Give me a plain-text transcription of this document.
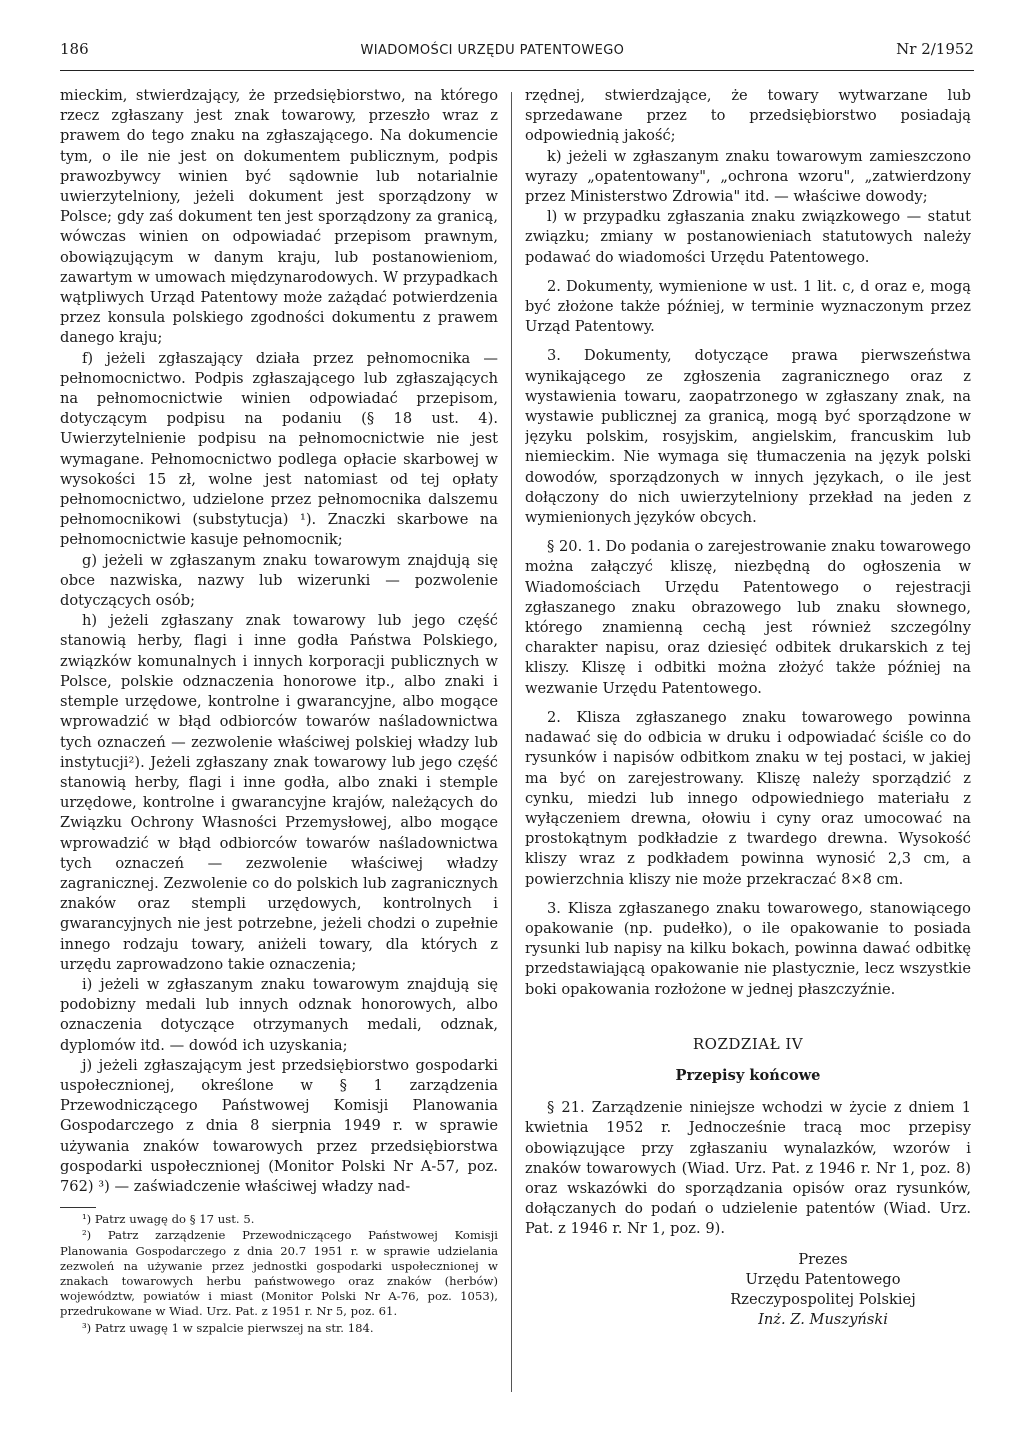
186	WIADOMOŚCI URZĘDU PATENTOWEGO	Nr 2/1952

mieckim, stwierdzający, że przedsiębiorstwo, na którego rzecz zgłaszany jest znak towarowy, przeszło wraz z prawem do tego znaku na zgłaszającego. Na dokumencie tym, o ile nie jest on dokumentem publicznym, podpis prawozbywcy winien być sądownie lub notarialnie uwierzytelniony, jeżeli dokument jest sporządzony w Polsce; gdy zaś dokument ten jest sporządzony za granicą, wówczas winien on odpowiadać przepisom prawnym, obowiązującym w danym kraju, lub postanowieniom, zawartym w umowach międzynarodowych. W przypadkach wątpliwych Urząd Patentowy może zażądać potwierdzenia przez konsula polskiego zgodności dokumentu z prawem danego kraju;

f) jeżeli zgłaszający działa przez pełnomocnika — pełnomocnictwo. Podpis zgłaszającego lub zgłaszających na pełnomocnictwie winien odpowiadać przepisom, dotyczącym podpisu na podaniu (§ 18 ust. 4). Uwierzytelnienie podpisu na pełnomocnictwie nie jest wymagane. Pełnomocnictwo podlega opłacie skarbowej w wysokości 15 zł, wolne jest natomiast od tej opłaty pełnomocnictwo, udzielone przez pełnomocnika dalszemu pełnomocnikowi (substytucja) ¹). Znaczki skarbowe na pełnomocnictwie kasuje pełnomocnik;

g) jeżeli w zgłaszanym znaku towarowym znajdują się obce nazwiska, nazwy lub wizerunki — pozwolenie dotyczących osób;

h) jeżeli zgłaszany znak towarowy lub jego część stanowią herby, flagi i inne godła Państwa Polskiego, związków komunalnych i innych korporacji publicznych w Polsce, polskie odznaczenia honorowe itp., albo znaki i stemple urzędowe, kontrolne i gwarancyjne, albo mogące wprowadzić w błąd odbiorców towarów naśladownictwa tych oznaczeń — zezwolenie właściwej polskiej władzy lub instytucji²). Jeżeli zgłaszany znak towarowy lub jego część stanowią herby, flagi i inne godła, albo znaki i stemple urzędowe, kontrolne i gwarancyjne krajów, należących do Związku Ochrony Własności Przemysłowej, albo mogące wprowadzić w błąd odbiorców towarów naśladownictwa tych oznaczeń — zezwolenie właściwej władzy zagranicznej. Zezwolenie co do polskich lub zagranicznych znaków oraz stempli urzędowych, kontrolnych i gwarancyjnych nie jest potrzebne, jeżeli chodzi o zupełnie innego rodzaju towary, aniżeli towary, dla których z urzędu zaprowadzono takie oznaczenia;

i) jeżeli w zgłaszanym znaku towarowym znajdują się podobizny medali lub innych odznak honorowych, albo oznaczenia dotyczące otrzymanych medali, odznak, dyplomów itd. — dowód ich uzyskania;

j) jeżeli zgłaszającym jest przedsiębiorstwo gospodarki uspołecznionej, określone w § 1 zarządzenia Przewodniczącego Państwowej Komisji Planowania Gospodarczego z dnia 8 sierpnia 1949 r. w sprawie używania znaków towarowych przez przedsiębiorstwa gospodarki uspołecznionej (Monitor Polski Nr A-57, poz. 762) ³) — zaświadczenie właściwej władzy nad-

¹) Patrz uwagę do § 17 ust. 5.

²) Patrz zarządzenie Przewodniczącego Państwowej Komisji Planowania Gospodarczego z dnia 20.7 1951 r. w sprawie udzielania zezwoleń na używanie przez jednostki gospodarki uspołecznionej w znakach towarowych herbu państwowego oraz znaków (herbów) województw, powiatów i miast (Monitor Polski Nr A-76, poz. 1053), przedrukowane w Wiad. Urz. Pat. z 1951 r. Nr 5, poz. 61.

³) Patrz uwagę 1 w szpalcie pierwszej na str. 184.

rzędnej, stwierdzające, że towary wytwarzane lub sprzedawane przez to przedsiębiorstwo posiadają odpowiednią jakość;

k) jeżeli w zgłaszanym znaku towarowym zamieszczono wyrazy „opatentowany", „ochrona wzoru", „zatwierdzony przez Ministerstwo Zdrowia" itd. — właściwe dowody;

l) w przypadku zgłaszania znaku związkowego — statut związku; zmiany w postanowieniach statutowych należy podawać do wiadomości Urzędu Patentowego.

2. Dokumenty, wymienione w ust. 1 lit. c, d oraz e, mogą być złożone także później, w terminie wyznaczonym przez Urząd Patentowy.

3. Dokumenty, dotyczące prawa pierwszeństwa wynikającego ze zgłoszenia zagranicznego oraz z wystawienia towaru, zaopatrzonego w zgłaszany znak, na wystawie publicznej za granicą, mogą być sporządzone w języku polskim, rosyjskim, angielskim, francuskim lub niemieckim. Nie wymaga się tłumaczenia na język polski dowodów, sporządzonych w innych językach, o ile jest dołączony do nich uwierzytelniony przekład na jeden z wymienionych języków obcych.

§ 20. 1. Do podania o zarejestrowanie znaku towarowego można załączyć kliszę, niezbędną do ogłoszenia w Wiadomościach Urzędu Patentowego o rejestracji zgłaszanego znaku obrazowego lub znaku słownego, którego znamienną cechą jest również szczególny charakter napisu, oraz dziesięć odbitek drukarskich z tej kliszy. Kliszę i odbitki można złożyć także później na wezwanie Urzędu Patentowego.

2. Klisza zgłaszanego znaku towarowego powinna nadawać się do odbicia w druku i odpowiadać ściśle co do rysunków i napisów odbitkom znaku w tej postaci, w jakiej ma być on zarejestrowany. Kliszę należy sporządzić z cynku, miedzi lub innego odpowiedniego materiału z wyłączeniem drewna, ołowiu i cyny oraz umocować na prostokątnym podkładzie z twardego drewna. Wysokość kliszy wraz z podkładem powinna wynosić 2,3 cm, a powierzchnia kliszy nie może przekraczać 8×8 cm.

3. Klisza zgłaszanego znaku towarowego, stanowiącego opakowanie (np. pudełko), o ile opakowanie to posiada rysunki lub napisy na kilku bokach, powinna dawać odbitkę przedstawiającą opakowanie nie plastycznie, lecz wszystkie boki opakowania rozłożone w jednej płaszczyźnie.

ROZDZIAŁ IV
Przepisy końcowe

§ 21. Zarządzenie niniejsze wchodzi w życie z dniem 1 kwietnia 1952 r. Jednocześnie tracą moc przepisy obowiązujące przy zgłaszaniu wynalazków, wzorów i znaków towarowych (Wiad. Urz. Pat. z 1946 r. Nr 1, poz. 8) oraz wskazówki do sporządzania opisów oraz rysunków, dołączanych do podań o udzielenie patentów (Wiad. Urz. Pat. z 1946 r. Nr 1, poz. 9).

Prezes
Urzędu Patentowego
Rzeczypospolitej Polskiej
Inż. Z. Muszyński
